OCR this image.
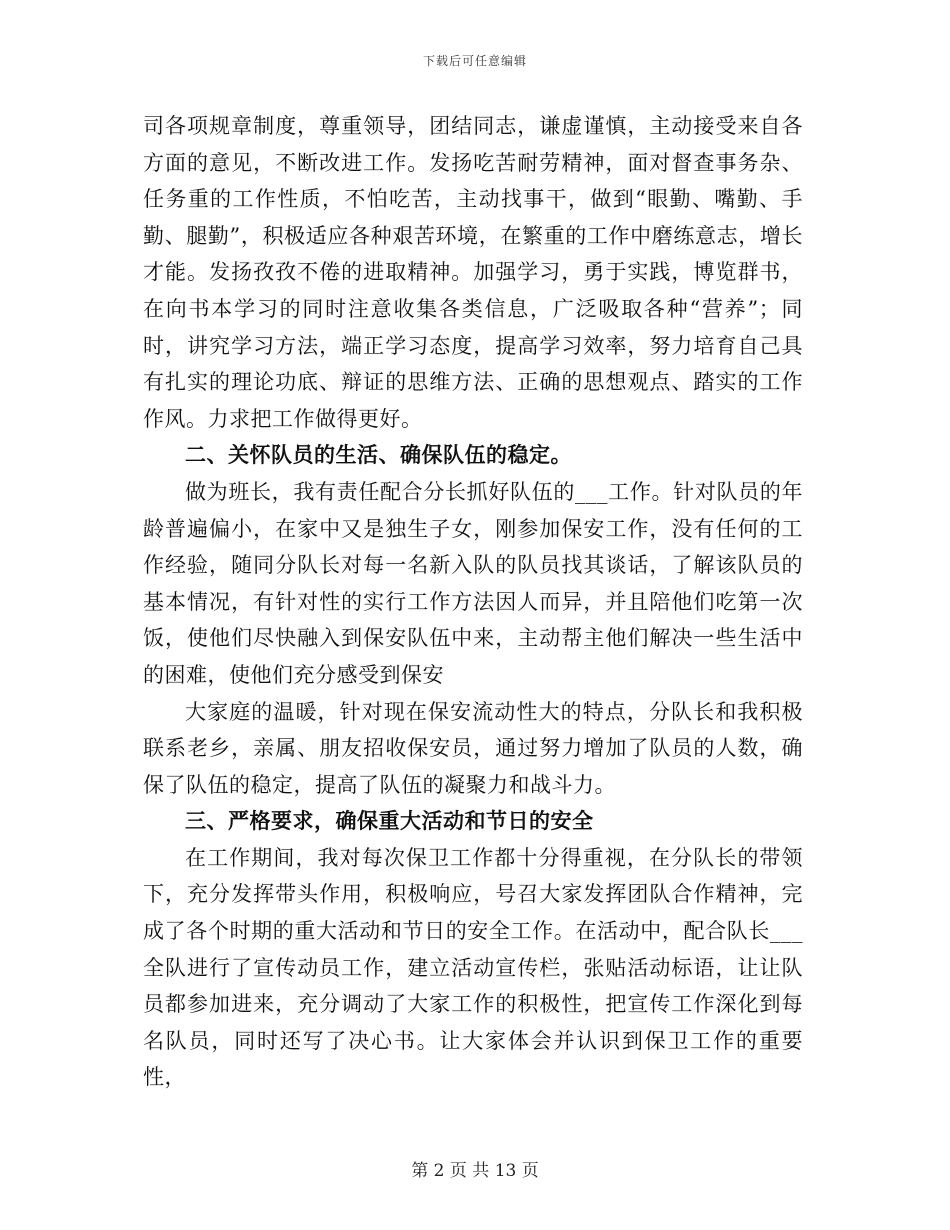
下载后可任意编辑

司各项规章制度，尊重领导，团结同志，谦虚谨慎，主动接受来自各方面的意见，不断改进工作。发扬吃苦耐劳精神，面对督查事务杂、任务重的工作性质，不怕吃苦，主动找事干，做到“眼勤、嘴勤、手勤、腿勤”，积极适应各种艰苦环境，在繁重的工作中磨练意志，增长才能。发扬孜孜不倦的进取精神。加强学习，勇于实践，博览群书，在向书本学习的同时注意收集各类信息，广泛吸取各种“营养”；同时，讲究学习方法，端正学习态度，提高学习效率，努力培育自己具有扎实的理论功底、辩证的思维方法、正确的思想观点、踏实的工作作风。力求把工作做得更好。

二、关怀队员的生活、确保队伍的稳定。

做为班长，我有责任配合分长抓好队伍的___工作。针对队员的年龄普遍偏小，在家中又是独生子女，刚参加保安工作，没有任何的工作经验，随同分队长对每一名新入队的队员找其谈话，了解该队员的基本情况，有针对性的实行工作方法因人而异，并且陪他们吃第一次饭，使他们尽快融入到保安队伍中来，主动帮主他们解决一些生活中的困难，使他们充分感受到保安

大家庭的温暖，针对现在保安流动性大的特点，分队长和我积极联系老乡，亲属、朋友招收保安员，通过努力增加了队员的人数，确保了队伍的稳定，提高了队伍的凝聚力和战斗力。

三、严格要求，确保重大活动和节日的安全

在工作期间，我对每次保卫工作都十分得重视，在分队长的带领下，充分发挥带头作用，积极响应，号召大家发挥团队合作精神，完成了各个时期的重大活动和节日的安全工作。在活动中，配合队长___全队进行了宣传动员工作，建立活动宣传栏，张贴活动标语，让让队员都参加进来，充分调动了大家工作的积极性，把宣传工作深化到每名队员，同时还写了决心书。让大家体会并认识到保卫工作的重要性，

第 2 页 共 13 页
